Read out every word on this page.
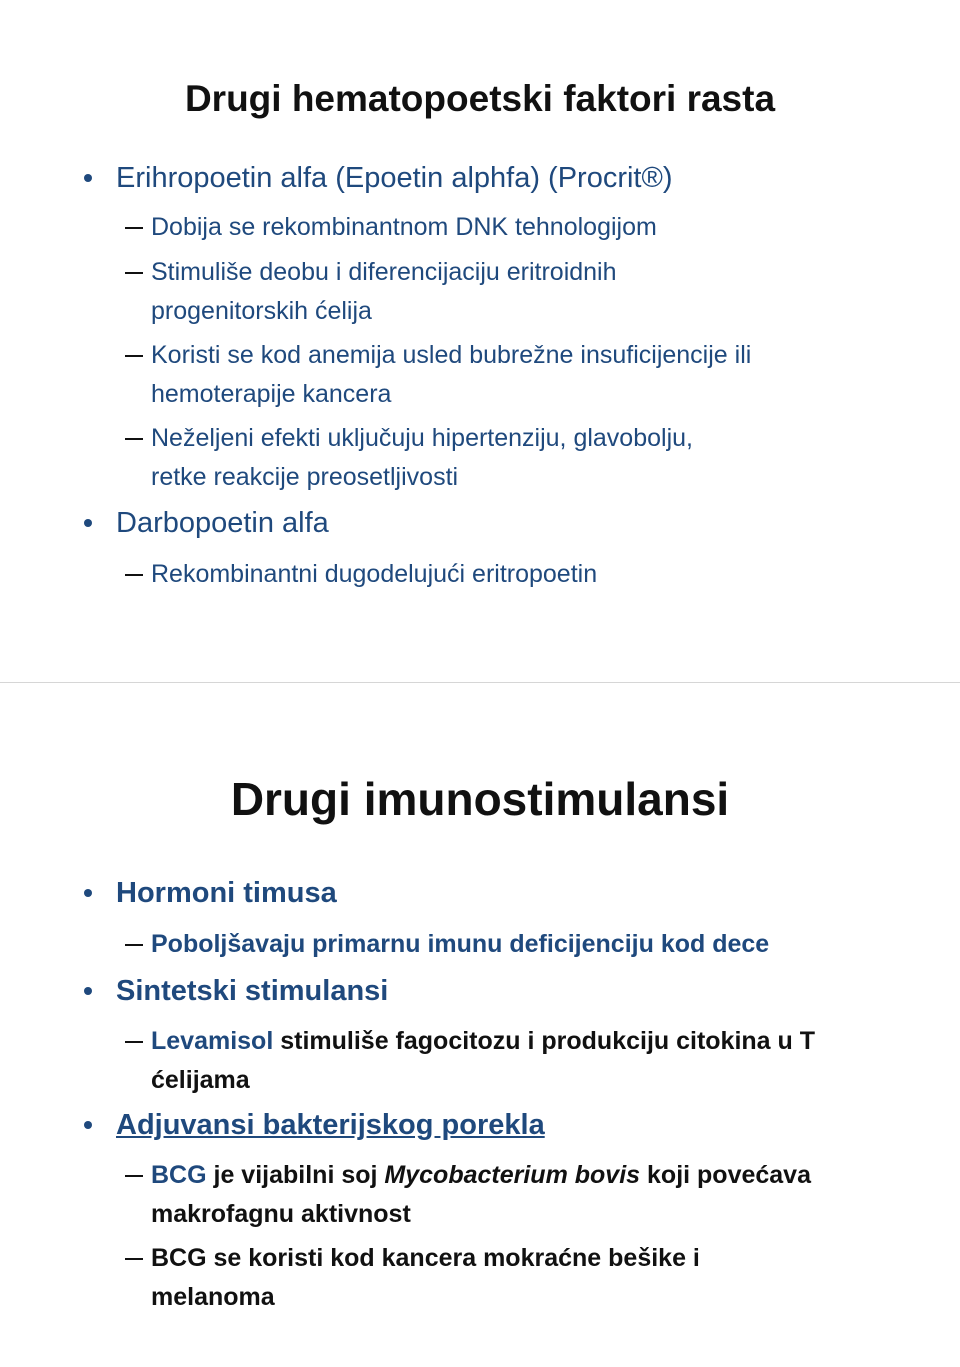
Drugi hematopoetski faktori rasta
Erihropoetin alfa (Epoetin alphfa) (Procrit®)
Dobija se rekombinantnom DNK tehnologijom
Stimuliše deobu i diferencijaciju eritroidnih
progenitorskih ćelija
Koristi se kod anemija usled bubrežne insuficijencije ili
hemoterapije kancera
Neželjeni efekti uključuju hipertenziju, glavobolju,
retke reakcije preosetljivosti
Darbopoetin alfa
Rekombinantni dugodelujući eritropoetin
Drugi imunostimulansi
Hormoni timusa
Poboljšavaju primarnu imunu deficijenciju kod dece
Sintetski stimulansi
Levamisol stimuliše fagocitozu i produkciju citokina u T
ćelijama
Adjuvansi bakterijskog porekla
BCG je vijabilni soj Mycobacterium bovis koji povećava
makrofagnu aktivnost
BCG se koristi kod kancera mokraćne bešike i
melanoma
